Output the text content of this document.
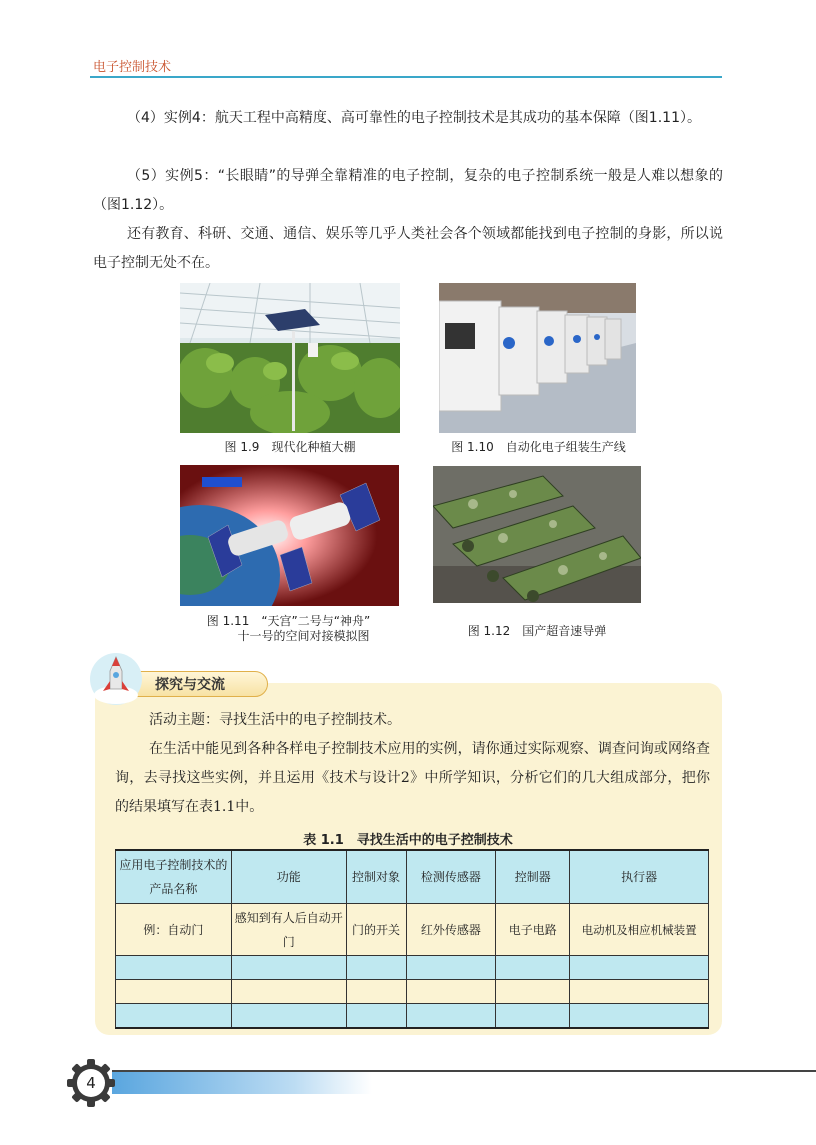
电子控制技术
（4）实例4：航天工程中高精度、高可靠性的电子控制技术是其成功的基本保障（图1.11）。
（5）实例5：“长眼睛”的导弹全靠精准的电子控制，复杂的电子控制系统一般是人难以想象的（图1.12）。
还有教育、科研、交通、通信、娱乐等几乎人类社会各个领域都能找到电子控制的身影，所以说电子控制无处不在。
图 1.9　现代化种植大棚	图 1.10　自动化电子组装生产线
图 1.11　“天宫”二号与“神舟”
十一号的空间对接模拟图	图 1.12　国产超音速导弹
探究与交流
活动主题：寻找生活中的电子控制技术。
在生活中能见到各种各样电子控制技术应用的实例，请你通过实际观察、调查问询或网络查询，去寻找这些实例，并且运用《技术与设计2》中所学知识，分析它们的几大组成部分，把你的结果填写在表1.1中。
表 1.1　寻找生活中的电子控制技术
应用电子控制技术的产品名称	功能	控制对象	检测传感器	控制器	执行器
例：自动门	感知到有人后自动开门	门的开关	红外传感器	电子电路	电动机及相应机械装置

4
